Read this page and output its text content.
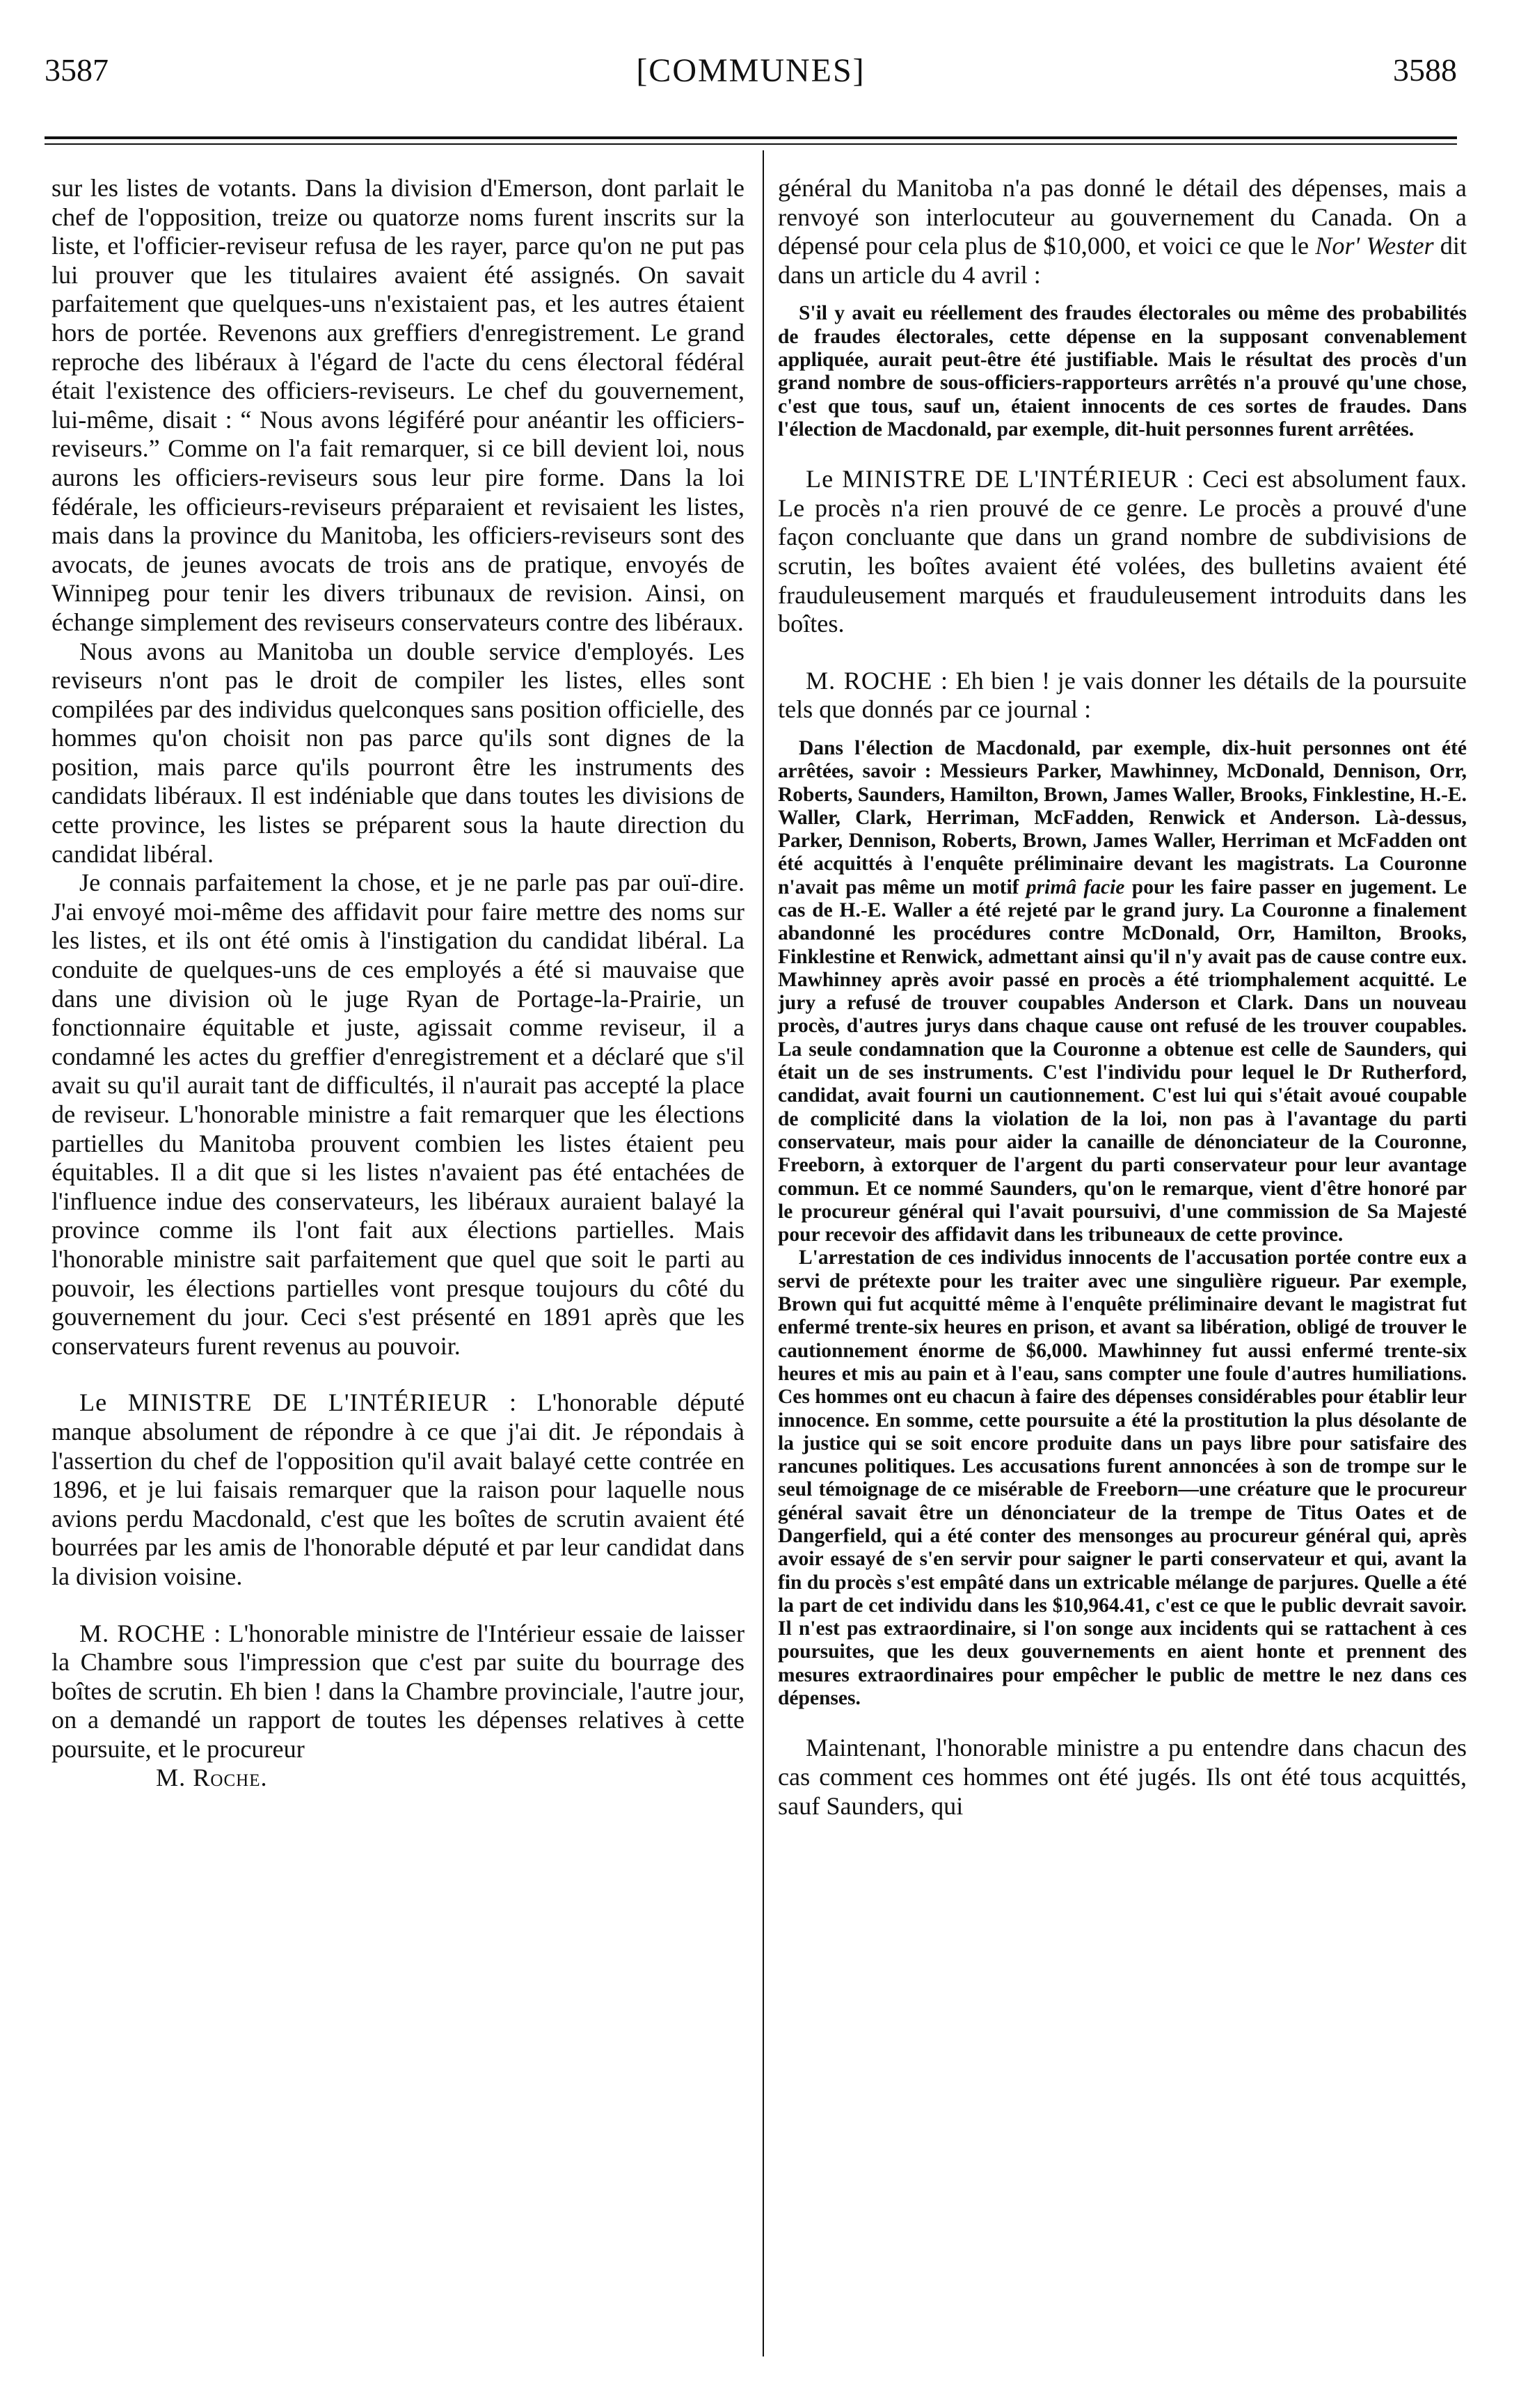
3587	[COMMUNES]	3588

sur les listes de votants. Dans la division d'Emerson, dont parlait le chef de l'opposition, treize ou quatorze noms furent inscrits sur la liste, et l'officier-reviseur refusa de les rayer, parce qu'on ne put pas lui prouver que les titulaires avaient été assignés. On savait parfaitement que quelques-uns n'existaient pas, et les autres étaient hors de portée. Revenons aux greffiers d'enregistrement. Le grand reproche des libéraux à l'égard de l'acte du cens électoral fédéral était l'existence des officiers-reviseurs. Le chef du gouvernement, lui-même, disait : “ Nous avons légiféré pour anéantir les officiers-reviseurs.” Comme on l'a fait remarquer, si ce bill devient loi, nous aurons les officiers-reviseurs sous leur pire forme. Dans la loi fédérale, les officieurs-reviseurs préparaient et revisaient les listes, mais dans la province du Manitoba, les officiers-reviseurs sont des avocats, de jeunes avocats de trois ans de pratique, envoyés de Winnipeg pour tenir les divers tribunaux de revision. Ainsi, on échange simplement des reviseurs conservateurs contre des libéraux.

Nous avons au Manitoba un double service d'employés. Les reviseurs n'ont pas le droit de compiler les listes, elles sont compilées par des individus quelconques sans position officielle, des hommes qu'on choisit non pas parce qu'ils sont dignes de la position, mais parce qu'ils pourront être les instruments des candidats libéraux. Il est indéniable que dans toutes les divisions de cette province, les listes se préparent sous la haute direction du candidat libéral.

Je connais parfaitement la chose, et je ne parle pas par ouï-dire. J'ai envoyé moi-même des affidavit pour faire mettre des noms sur les listes, et ils ont été omis à l'instigation du candidat libéral. La conduite de quelques-uns de ces employés a été si mauvaise que dans une division où le juge Ryan de Portage-la-Prairie, un fonctionnaire équitable et juste, agissait comme reviseur, il a condamné les actes du greffier d'enregistrement et a déclaré que s'il avait su qu'il aurait tant de difficultés, il n'aurait pas accepté la place de reviseur. L'honorable ministre a fait remarquer que les élections partielles du Manitoba prouvent combien les listes étaient peu équitables. Il a dit que si les listes n'avaient pas été entachées de l'influence indue des conservateurs, les libéraux auraient balayé la province comme ils l'ont fait aux élections partielles. Mais l'honorable ministre sait parfaitement que quel que soit le parti au pouvoir, les élections partielles vont presque toujours du côté du gouvernement du jour. Ceci s'est présenté en 1891 après que les conservateurs furent revenus au pouvoir.

Le MINISTRE DE L'INTÉRIEUR : L'honorable député manque absolument de répondre à ce que j'ai dit. Je répondais à l'assertion du chef de l'opposition qu'il avait balayé cette contrée en 1896, et je lui faisais remarquer que la raison pour laquelle nous avions perdu Macdonald, c'est que les boîtes de scrutin avaient été bourrées par les amis de l'honorable député et par leur candidat dans la division voisine.

M. ROCHE : L'honorable ministre de l'Intérieur essaie de laisser la Chambre sous l'impression que c'est par suite du bourrage des boîtes de scrutin. Eh bien ! dans la Chambre provinciale, l'autre jour, on a demandé un rapport de toutes les dépenses relatives à cette poursuite, et le procureur

M. Roche.

général du Manitoba n'a pas donné le détail des dépenses, mais a renvoyé son interlocuteur au gouvernement du Canada. On a dépensé pour cela plus de $10,000, et voici ce que le Nor' Wester dit dans un article du 4 avril :

S'il y avait eu réellement des fraudes électorales ou même des probabilités de fraudes électorales, cette dépense en la supposant convenablement appliquée, aurait peut-être été justifiable. Mais le résultat des procès d'un grand nombre de sous-officiers-rapporteurs arrêtés n'a prouvé qu'une chose, c'est que tous, sauf un, étaient innocents de ces sortes de fraudes. Dans l'élection de Macdonald, par exemple, dit-huit personnes furent arrêtées.

Le MINISTRE DE L'INTÉRIEUR : Ceci est absolument faux. Le procès n'a rien prouvé de ce genre. Le procès a prouvé d'une façon concluante que dans un grand nombre de subdivisions de scrutin, les boîtes avaient été volées, des bulletins avaient été frauduleusement marqués et frauduleusement introduits dans les boîtes.

M. ROCHE : Eh bien ! je vais donner les détails de la poursuite tels que donnés par ce journal :

Dans l'élection de Macdonald, par exemple, dix-huit personnes ont été arrêtées, savoir : Messieurs Parker, Mawhinney, McDonald, Dennison, Orr, Roberts, Saunders, Hamilton, Brown, James Waller, Brooks, Finklestine, H.-E. Waller, Clark, Herriman, McFadden, Renwick et Anderson. Là-dessus, Parker, Dennison, Roberts, Brown, James Waller, Herriman et McFadden ont été acquittés à l'enquête préliminaire devant les magistrats. La Couronne n'avait pas même un motif primâ facie pour les faire passer en jugement. Le cas de H.-E. Waller a été rejeté par le grand jury. La Couronne a finalement abandonné les procédures contre McDonald, Orr, Hamilton, Brooks, Finklestine et Renwick, admettant ainsi qu'il n'y avait pas de cause contre eux. Mawhinney après avoir passé en procès a été triomphalement acquitté. Le jury a refusé de trouver coupables Anderson et Clark. Dans un nouveau procès, d'autres jurys dans chaque cause ont refusé de les trouver coupables. La seule condamnation que la Couronne a obtenue est celle de Saunders, qui était un de ses instruments. C'est l'individu pour lequel le Dr Rutherford, candidat, avait fourni un cautionnement. C'est lui qui s'était avoué coupable de complicité dans la violation de la loi, non pas à l'avantage du parti conservateur, mais pour aider la canaille de dénonciateur de la Couronne, Freeborn, à extorquer de l'argent du parti conservateur pour leur avantage commun. Et ce nommé Saunders, qu'on le remarque, vient d'être honoré par le procureur général qui l'avait poursuivi, d'une commission de Sa Majesté pour recevoir des affidavit dans les tribuneaux de cette province.

L'arrestation de ces individus innocents de l'accusation portée contre eux a servi de prétexte pour les traiter avec une singulière rigueur. Par exemple, Brown qui fut acquitté même à l'enquête préliminaire devant le magistrat fut enfermé trente-six heures en prison, et avant sa libération, obligé de trouver le cautionnement énorme de $6,000. Mawhinney fut aussi enfermé trente-six heures et mis au pain et à l'eau, sans compter une foule d'autres humiliations. Ces hommes ont eu chacun à faire des dépenses considérables pour établir leur innocence. En somme, cette poursuite a été la prostitution la plus désolante de la justice qui se soit encore produite dans un pays libre pour satisfaire des rancunes politiques. Les accusations furent annoncées à son de trompe sur le seul témoignage de ce misérable de Freeborn—une créature que le procureur général savait être un dénonciateur de la trempe de Titus Oates et de Dangerfield, qui a été conter des mensonges au procureur général qui, après avoir essayé de s'en servir pour saigner le parti conservateur et qui, avant la fin du procès s'est empâté dans un extricable mélange de parjures. Quelle a été la part de cet individu dans les $10,964.41, c'est ce que le public devrait savoir. Il n'est pas extraordinaire, si l'on songe aux incidents qui se rattachent à ces poursuites, que les deux gouvernements en aient honte et prennent des mesures extraordinaires pour empêcher le public de mettre le nez dans ces dépenses.

Maintenant, l'honorable ministre a pu entendre dans chacun des cas comment ces hommes ont été jugés. Ils ont été tous acquittés, sauf Saunders, qui
